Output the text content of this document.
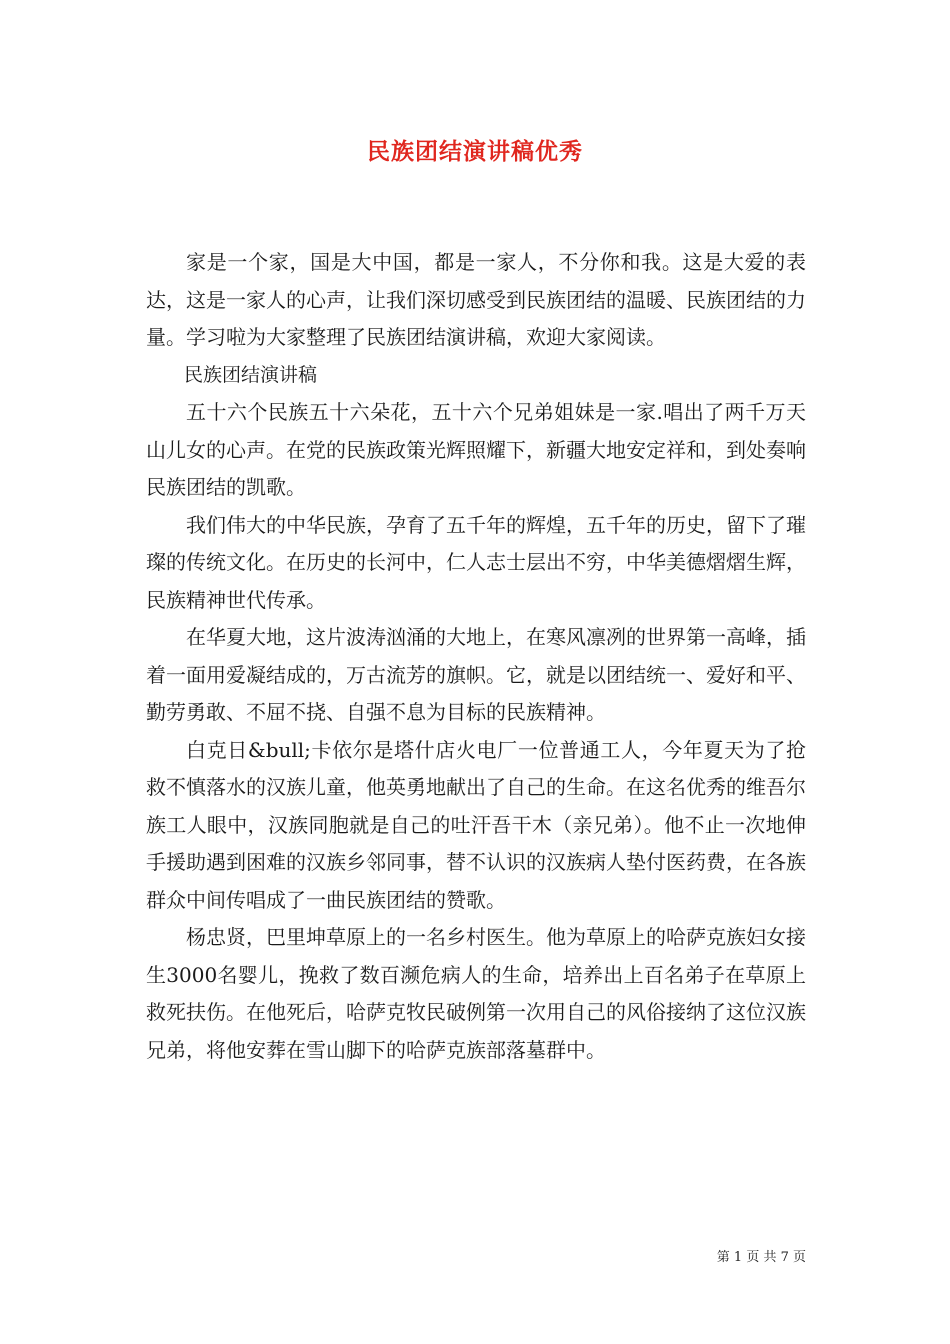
民族团结演讲稿优秀

家是一个家，国是大中国，都是一家人，不分你和我。这是大爱的表达，这是一家人的心声，让我们深切感受到民族团结的温暖、民族团结的力量。学习啦为大家整理了民族团结演讲稿，欢迎大家阅读。

民族团结演讲稿

五十六个民族五十六朵花，五十六个兄弟姐妹是一家.唱出了两千万天山儿女的心声。在党的民族政策光辉照耀下，新疆大地安定祥和，到处奏响民族团结的凯歌。

我们伟大的中华民族，孕育了五千年的辉煌，五千年的历史，留下了璀璨的传统文化。在历史的长河中，仁人志士层出不穷，中华美德熠熠生辉，民族精神世代传承。

在华夏大地，这片波涛汹涌的大地上，在寒风凛冽的世界第一高峰，插着一面用爱凝结成的，万古流芳的旗帜。它，就是以团结统一、爱好和平、勤劳勇敢、不屈不挠、自强不息为目标的民族精神。

白克日&bull;卡依尔是塔什店火电厂一位普通工人，今年夏天为了抢救不慎落水的汉族儿童，他英勇地献出了自己的生命。在这名优秀的维吾尔族工人眼中，汉族同胞就是自己的吐汗吾干木（亲兄弟）。他不止一次地伸手援助遇到困难的汉族乡邻同事，替不认识的汉族病人垫付医药费，在各族群众中间传唱成了一曲民族团结的赞歌。

杨忠贤，巴里坤草原上的一名乡村医生。他为草原上的哈萨克族妇女接生3000名婴儿，挽救了数百濒危病人的生命，培养出上百名弟子在草原上救死扶伤。在他死后，哈萨克牧民破例第一次用自己的风俗接纳了这位汉族兄弟，将他安葬在雪山脚下的哈萨克族部落墓群中。

第 1 页 共 7 页
